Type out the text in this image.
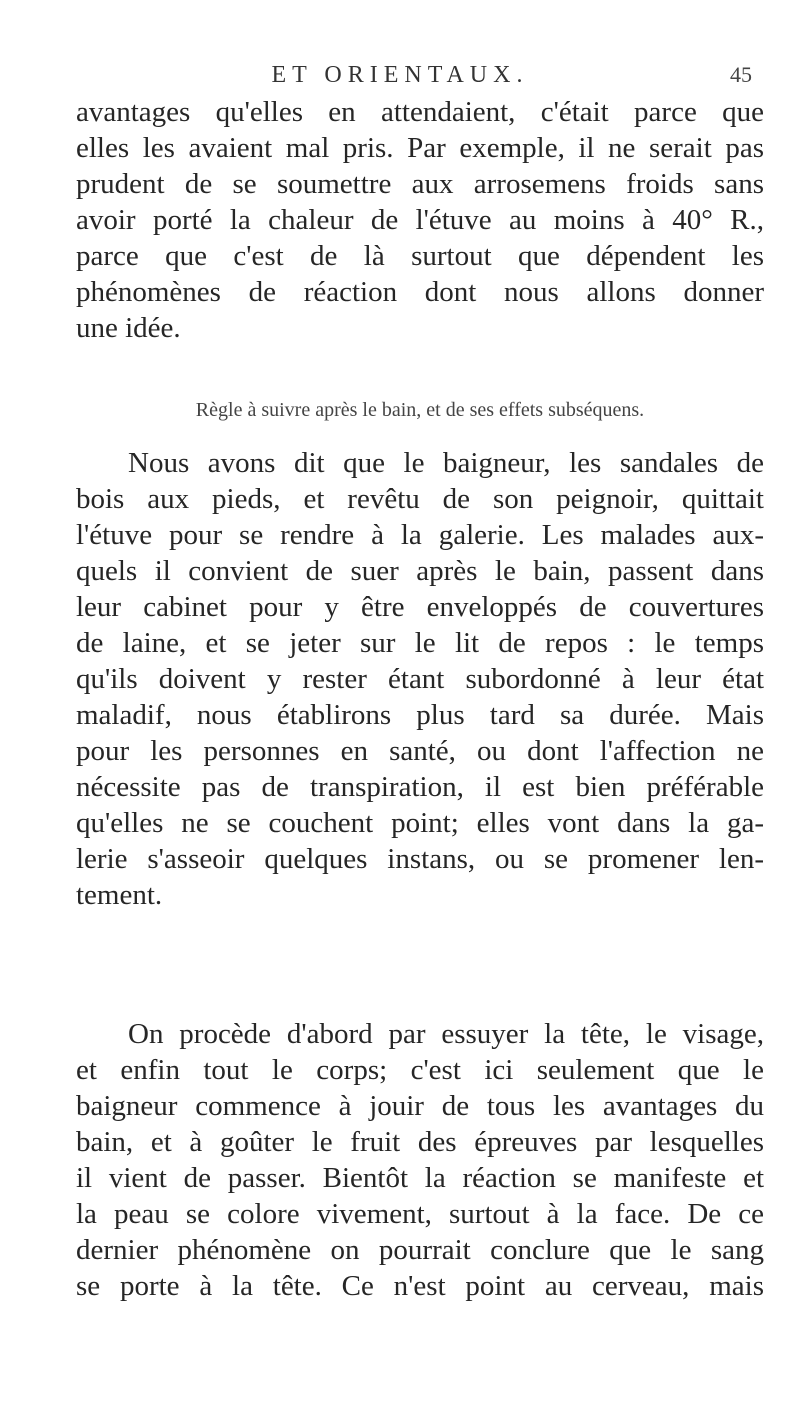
ET ORIENTAUX.	45
avantages qu'elles en attendaient, c'était parce que
elles les avaient mal pris. Par exemple, il ne serait pas
prudent de se soumettre aux arrosemens froids sans
avoir porté la chaleur de l'étuve au moins à 40° R.,
parce que c'est de là surtout que dépendent les
phénomènes de réaction dont nous allons donner
une idée.
Règle à suivre après le bain, et de ses effets subséquens.
Nous avons dit que le baigneur, les sandales de
bois aux pieds, et revêtu de son peignoir, quittait
l'étuve pour se rendre à la galerie. Les malades aux-
quels il convient de suer après le bain, passent dans
leur cabinet pour y être enveloppés de couvertures
de laine, et se jeter sur le lit de repos : le temps
qu'ils doivent y rester étant subordonné à leur état
maladif, nous établirons plus tard sa durée. Mais
pour les personnes en santé, ou dont l'affection ne
nécessite pas de transpiration, il est bien préférable
qu'elles ne se couchent point; elles vont dans la ga-
lerie s'asseoir quelques instans, ou se promener len-
tement.
On procède d'abord par essuyer la tête, le visage,
et enfin tout le corps; c'est ici seulement que le
baigneur commence à jouir de tous les avantages du
bain, et à goûter le fruit des épreuves par lesquelles
il vient de passer. Bientôt la réaction se manifeste et
la peau se colore vivement, surtout à la face. De ce
dernier phénomène on pourrait conclure que le sang
se porte à la tête. Ce n'est point au cerveau, mais
